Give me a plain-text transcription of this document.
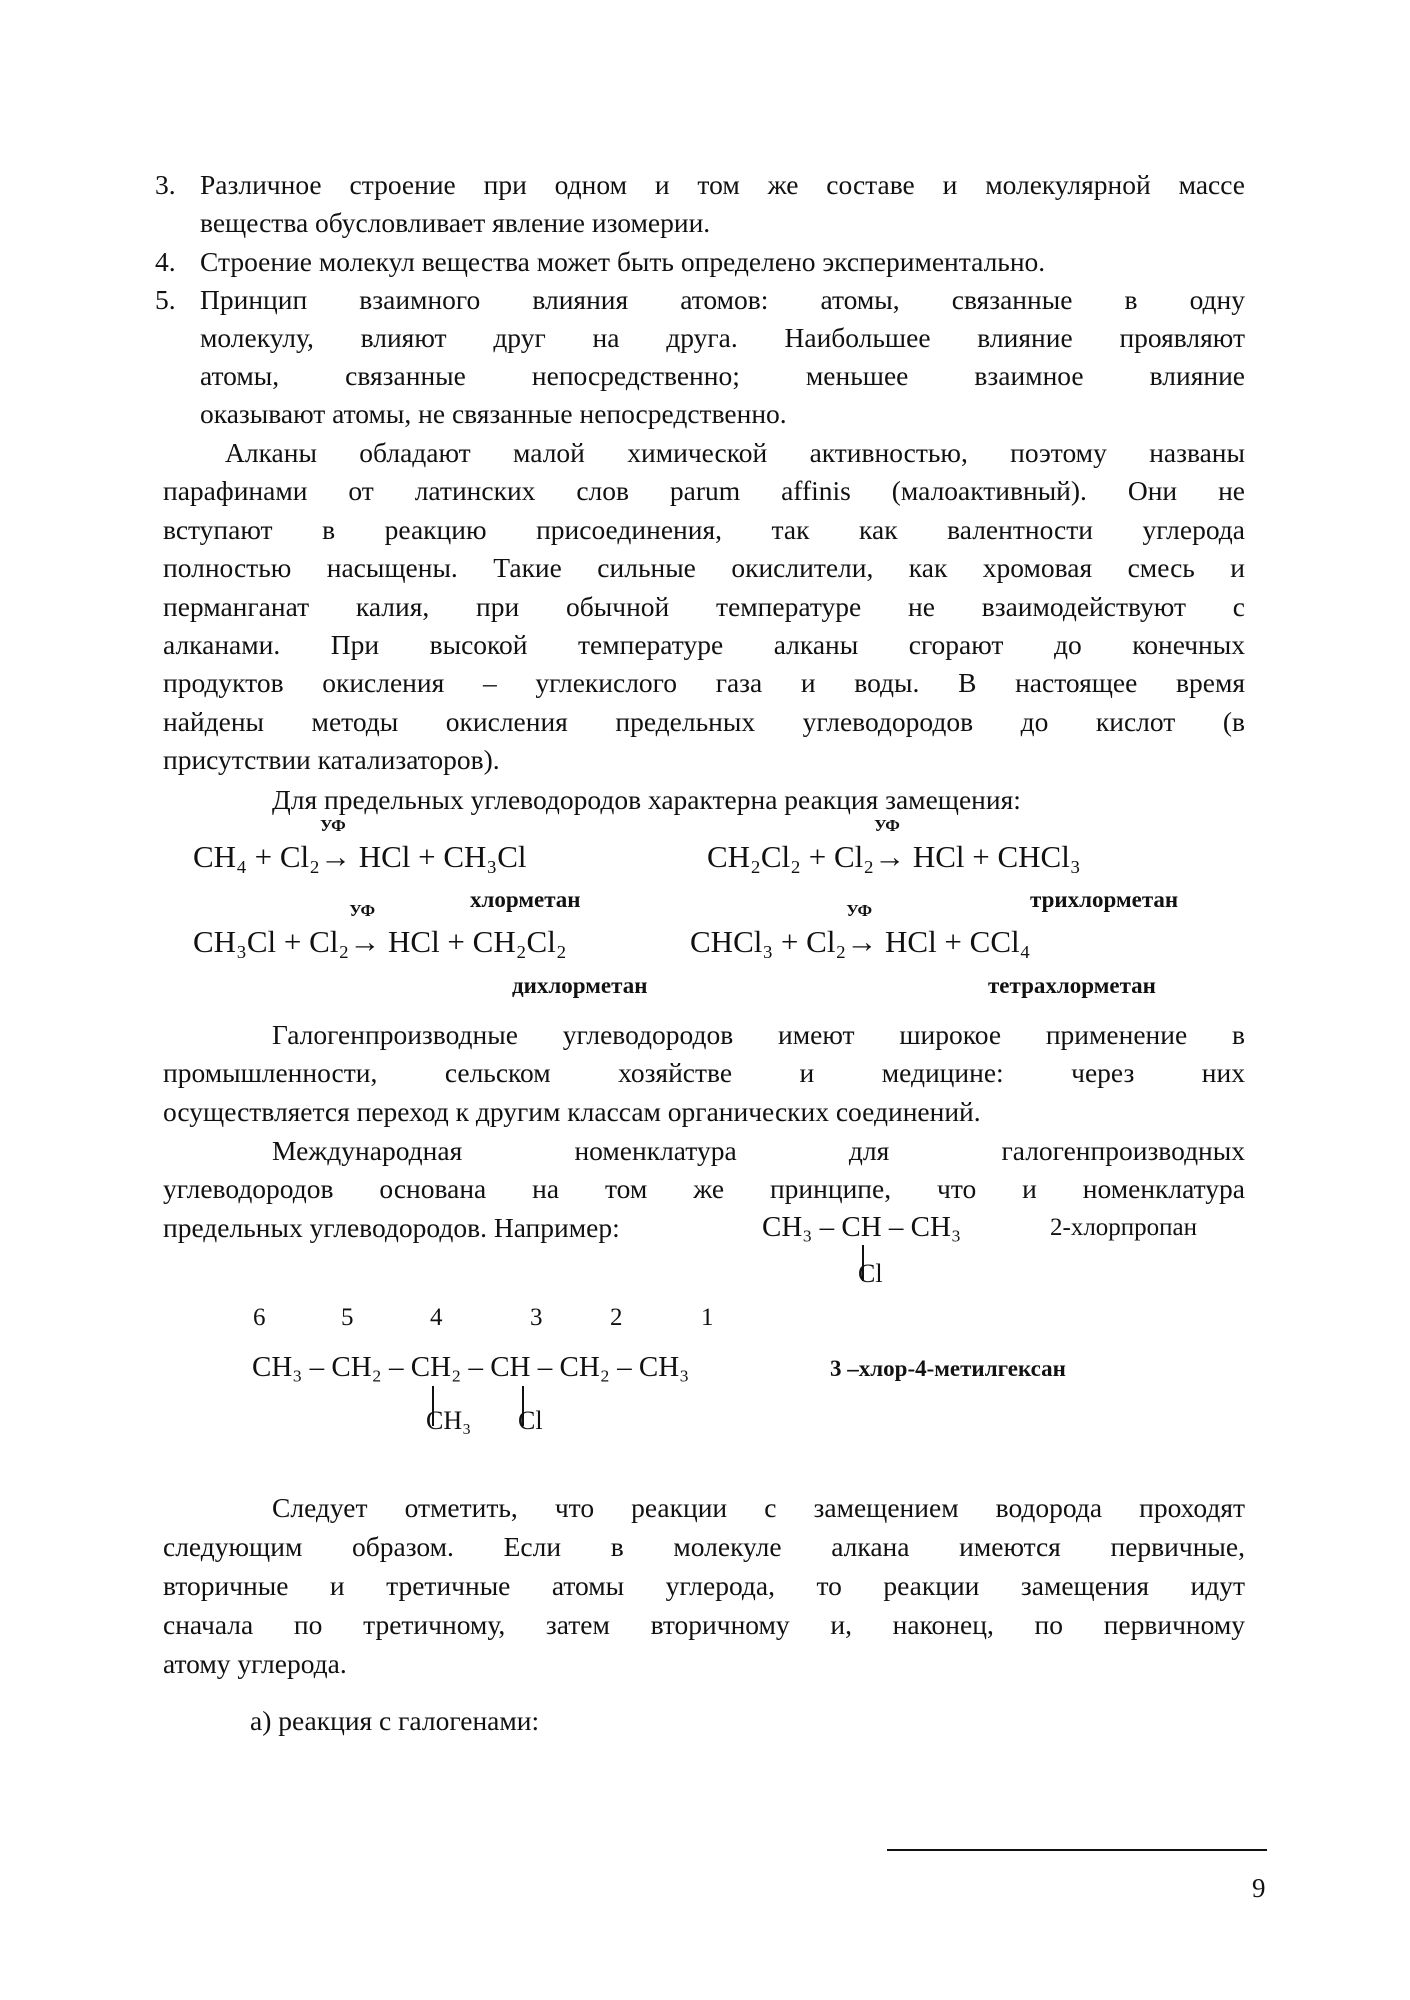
3. Различное строение при одном и том же составе и молекулярной массе
вещества обусловливает явление изомерии.
4. Строение молекул вещества может быть определено экспериментально.
5. Принцип взаимного влияния атомов: атомы, связанные в одну
молекулу, влияют друг на друга. Наибольшее влияние проявляют
атомы, связанные непосредственно; меньшее взаимное влияние
оказывают атомы, не связанные непосредственно.
Алканы обладают малой химической активностью, поэтому названы
парафинами от латинских слов parum affinis (малоактивный). Они не
вступают в реакцию присоединения, так как валентности углерода
полностью насыщены. Такие сильные окислители, как хромовая смесь и
перманганат калия, при обычной температуре не взаимодействуют с
алканами. При высокой температуре алканы сгорают до конечных
продуктов окисления – углекислого газа и воды. В настоящее время
найдены методы окисления предельных углеводородов до кислот (в
присутствии катализаторов).
Для предельных углеводородов характерна реакция замещения:
CH₄ + Cl₂
УФ
→ HCl + CH₃Cl
хлорметан
CH₂Cl₂ + Cl₂
УФ
→ HCl + CHCl₃
трихлорметан
CH₃Cl + Cl₂
УФ
→ HCl + CH₂Cl₂
дихлорметан
CHCl₃ + Cl₂
УФ
→ HCl + CCl₄
тетрахлорметан
Галогенпроизводные углеводородов имеют широкое применение в
промышленности, сельском хозяйстве и медицине: через них
осуществляется переход к другим классам органических соединений.
Международная номенклатура для галогенпроизводных
углеводородов основана на том же принципе, что и номенклатура
предельных углеводородов. Например:	CH₃ – CH – CH₃
Cl
2-хлорпропан
6	5	4	3	2	1
CH₃ – CH₂ – CH₂ – CH – CH₂ – CH₃
CH₃ Cl
3 –хлор-4-метилгексан
Следует отметить, что реакции с замещением водорода проходят
следующим образом. Если в молекуле алкана имеются первичные,
вторичные и третичные атомы углерода, то реакции замещения идут
сначала по третичному, затем вторичному и, наконец, по первичному
атому углерода.
а) реакция с галогенами:
9
